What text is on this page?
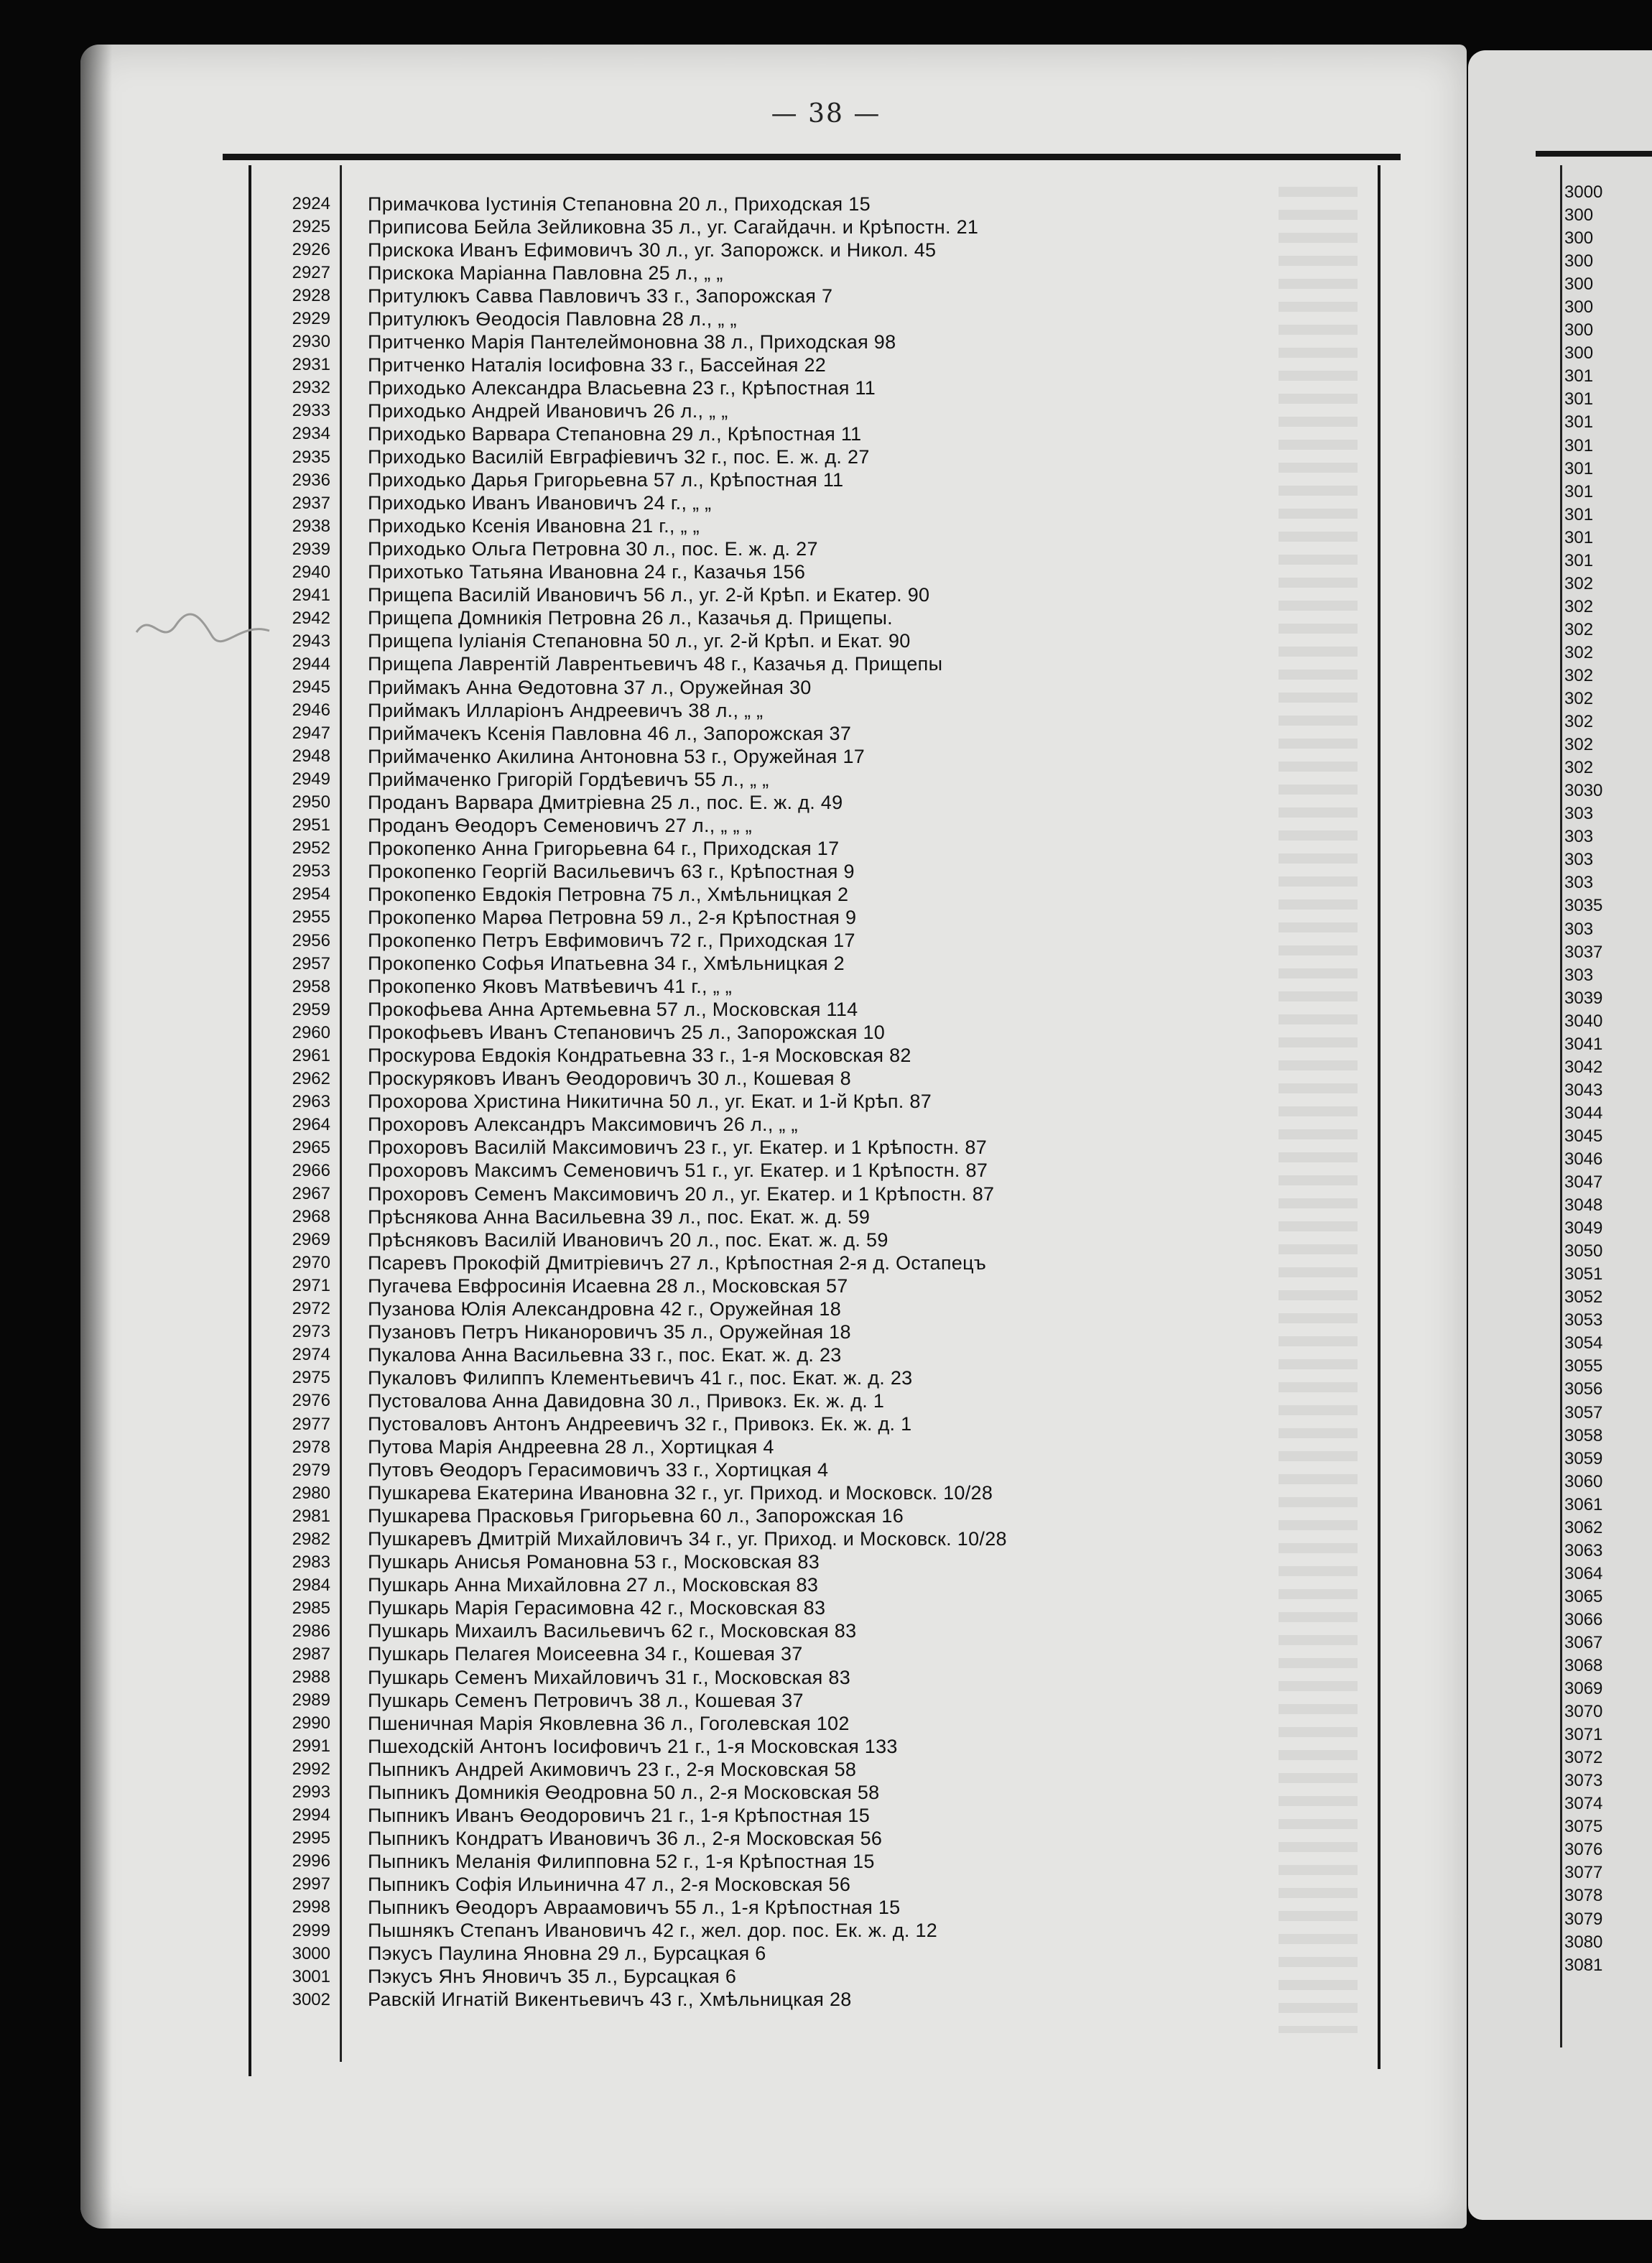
— 38 —
2924	Примачкова Іустинія Степановна 20 л., Приходская 15
2925	Приписова Бейла Зейликовна 35 л., уг. Сагайдачн. и Крѣпостн. 21
2926	Прискока Иванъ Ефимовичъ 30 л., уг. Запорожск. и Никол. 45
2927	Прискока Маріанна Павловна 25 л., „ „
2928	Притулюкъ Савва Павловичъ 33 г., Запорожская 7
2929	Притулюкъ Ѳеодосія Павловна 28 л., „ „
2930	Притченко Марія Пантелеймоновна 38 л., Приходская 98
2931	Притченко Наталія Іосифовна 33 г., Бассейная 22
2932	Приходько Александра Власьевна 23 г., Крѣпостная 11
2933	Приходько Андрей Ивановичъ 26 л., „ „
2934	Приходько Варвара Степановна 29 л., Крѣпостная 11
2935	Приходько Василій Евграфіевичъ 32 г., пос. Е. ж. д. 27
2936	Приходько Дарья Григорьевна 57 л., Крѣпостная 11
2937	Приходько Иванъ Ивановичъ 24 г., „ „
2938	Приходько Ксенія Ивановна 21 г., „ „
2939	Приходько Ольга Петровна 30 л., пос. Е. ж. д. 27
2940	Прихотько Татьяна Ивановна 24 г., Казачья 156
2941	Прищепа Василій Ивановичъ 56 л., уг. 2-й Крѣп. и Екатер. 90
2942	Прищепа Домникія Петровна 26 л., Казачья д. Прищепы.
2943	Прищепа Іуліанія Степановна 50 л., уг. 2-й Крѣп. и Екат. 90
2944	Прищепа Лаврентій Лаврентьевичъ 48 г., Казачья д. Прищепы
2945	Приймакъ Анна Ѳедотовна 37 л., Оружейная 30
2946	Приймакъ Илларіонъ Андреевичъ 38 л., „ „
2947	Приймачекъ Ксенія Павловна 46 л., Запорожская 37
2948	Приймаченко Акилина Антоновна 53 г., Оружейная 17
2949	Приймаченко Григорій Гордѣевичъ 55 л., „ „
2950	Проданъ Варвара Дмитріевна 25 л., пос. Е. ж. д. 49
2951	Проданъ Ѳеодоръ Семеновичъ 27 л., „ „ „
2952	Прокопенко Анна Григорьевна 64 г., Приходская 17
2953	Прокопенко Георгій Васильевичъ 63 г., Крѣпостная 9
2954	Прокопенко Евдокія Петровна 75 л., Хмѣльницкая 2
2955	Прокопенко Марѳа Петровна 59 л., 2-я Крѣпостная 9
2956	Прокопенко Петръ Евфимовичъ 72 г., Приходская 17
2957	Прокопенко Софья Ипатьевна 34 г., Хмѣльницкая 2
2958	Прокопенко Яковъ Матвѣевичъ 41 г., „ „
2959	Прокофьева Анна Артемьевна 57 л., Московская 114
2960	Прокофьевъ Иванъ Степановичъ 25 л., Запорожская 10
2961	Проскурова Евдокія Кондратьевна 33 г., 1-я Московская 82
2962	Проскуряковъ Иванъ Ѳеодоровичъ 30 л., Кошевая 8
2963	Прохорова Христина Никитична 50 л., уг. Екат. и 1-й Крѣп. 87
2964	Прохоровъ Александръ Максимовичъ 26 л., „ „
2965	Прохоровъ Василій Максимовичъ 23 г., уг. Екатер. и 1 Крѣпостн. 87
2966	Прохоровъ Максимъ Семеновичъ 51 г., уг. Екатер. и 1 Крѣпостн. 87
2967	Прохоровъ Семенъ Максимовичъ 20 л., уг. Екатер. и 1 Крѣпостн. 87
2968	Прѣснякова Анна Васильевна 39 л., пос. Екат. ж. д. 59
2969	Прѣсняковъ Василій Ивановичъ 20 л., пос. Екат. ж. д. 59
2970	Псаревъ Прокофій Дмитріевичъ 27 л., Крѣпостная 2-я д. Остапецъ
2971	Пугачева Евфросинія Исаевна 28 л., Московская 57
2972	Пузанова Юлія Александровна 42 г., Оружейная 18
2973	Пузановъ Петръ Никаноровичъ 35 л., Оружейная 18
2974	Пукалова Анна Васильевна 33 г., пос. Екат. ж. д. 23
2975	Пукаловъ Филиппъ Клементьевичъ 41 г., пос. Екат. ж. д. 23
2976	Пустовалова Анна Давидовна 30 л., Привокз. Ек. ж. д. 1
2977	Пустоваловъ Антонъ Андреевичъ 32 г., Привокз. Ек. ж. д. 1
2978	Путова Марія Андреевна 28 л., Хортицкая 4
2979	Путовъ Ѳеодоръ Герасимовичъ 33 г., Хортицкая 4
2980	Пушкарева Екатерина Ивановна 32 г., уг. Приход. и Московск. 10/28
2981	Пушкарева Прасковья Григорьевна 60 л., Запорожская 16
2982	Пушкаревъ Дмитрій Михайловичъ 34 г., уг. Приход. и Московск. 10/28
2983	Пушкарь Анисья Романовна 53 г., Московская 83
2984	Пушкарь Анна Михайловна 27 л., Московская 83
2985	Пушкарь Марія Герасимовна 42 г., Московская 83
2986	Пушкарь Михаилъ Васильевичъ 62 г., Московская 83
2987	Пушкарь Пелагея Моисеевна 34 г., Кошевая 37
2988	Пушкарь Семенъ Михайловичъ 31 г., Московская 83
2989	Пушкарь Семенъ Петровичъ 38 л., Кошевая 37
2990	Пшеничная Марія Яковлевна 36 л., Гоголевская 102
2991	Пшеходскій Антонъ Іосифовичъ 21 г., 1-я Московская 133
2992	Пыпникъ Андрей Акимовичъ 23 г., 2-я Московская 58
2993	Пыпникъ Домникія Ѳеодровна 50 л., 2-я Московская 58
2994	Пыпникъ Иванъ Ѳеодоровичъ 21 г., 1-я Крѣпостная 15
2995	Пыпникъ Кондратъ Ивановичъ 36 л., 2-я Московская 56
2996	Пыпникъ Меланія Филипповна 52 г., 1-я Крѣпостная 15
2997	Пыпникъ Софія Ильинична 47 л., 2-я Московская 56
2998	Пыпникъ Ѳеодоръ Авраамовичъ 55 л., 1-я Крѣпостная 15
2999	Пышнякъ Степанъ Ивановичъ 42 г., жел. дор. пос. Ек. ж. д. 12
3000	Пэкусъ Паулина Яновна 29 л., Бурсацкая 6
3001	Пэкусъ Янъ Яновичъ 35 л., Бурсацкая 6
3002	Равскій Игнатій Викентьевичъ 43 г., Хмѣльницкая 28
3000
300
300
300
300
300
300
300
301
301
301
301
301
301
301
301
301
302
302
302
302
302
302
302
302
302
3030
303
303
303
303
3035
303
3037
303
3039
3040
3041
3042
3043
3044
3045
3046
3047
3048
3049
3050
3051
3052
3053
3054
3055
3056
3057
3058
3059
3060
3061
3062
3063
3064
3065
3066
3067
3068
3069
3070
3071
3072
3073
3074
3075
3076
3077
3078
3079
3080
3081
